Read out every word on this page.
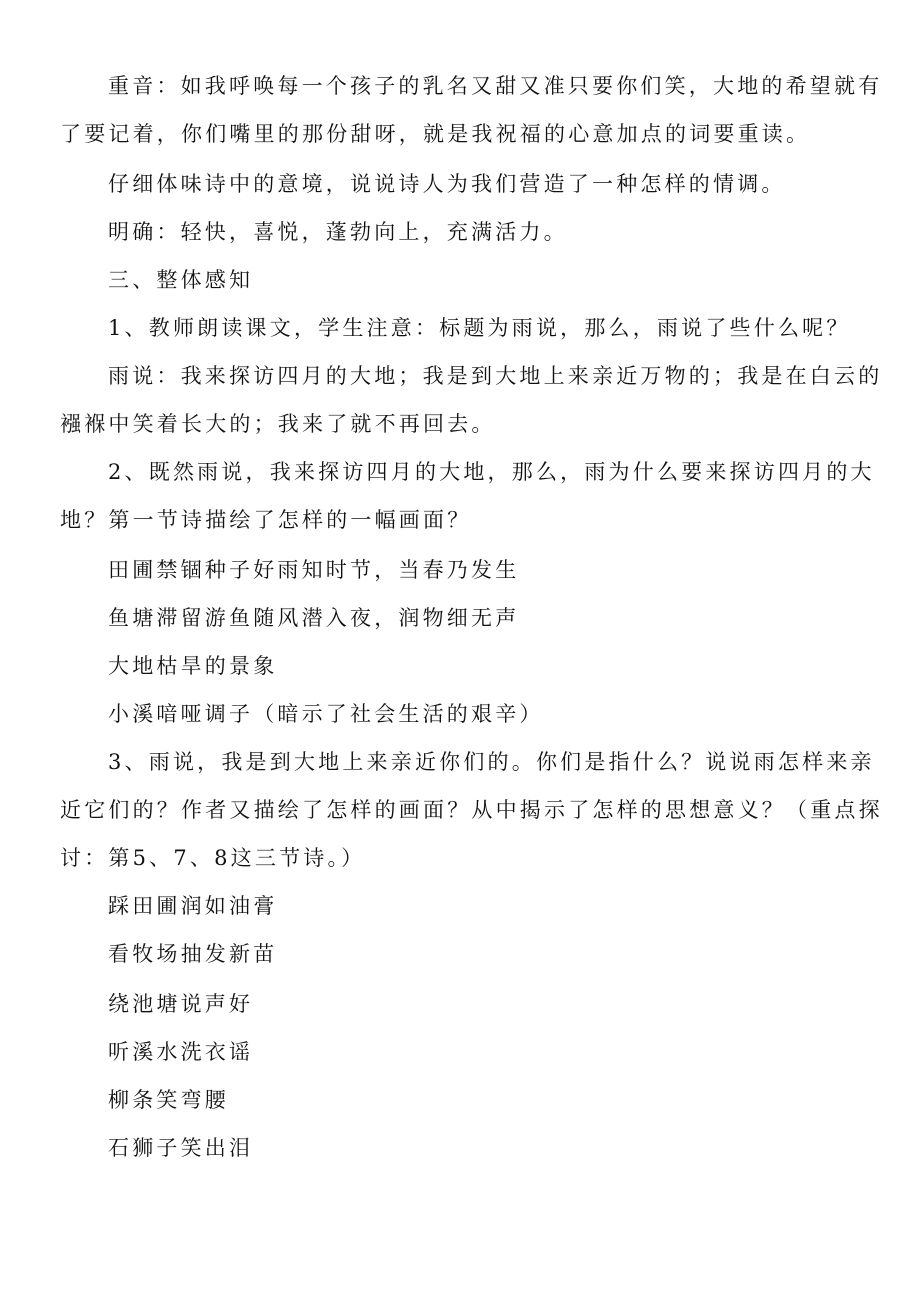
重音：如我呼唤每一个孩子的乳名又甜又准只要你们笑，大地的希望就有
了要记着，你们嘴里的那份甜呀，就是我祝福的心意加点的词要重读。
仔细体味诗中的意境，说说诗人为我们营造了一种怎样的情调。
明确：轻快，喜悦，蓬勃向上，充满活力。
三、整体感知
1、教师朗读课文，学生注意：标题为雨说，那么，雨说了些什么呢？
雨说：我来探访四月的大地；我是到大地上来亲近万物的；我是在白云的
襁褓中笑着长大的；我来了就不再回去。
2、既然雨说，我来探访四月的大地，那么，雨为什么要来探访四月的大
地？第一节诗描绘了怎样的一幅画面？
田圃禁锢种子好雨知时节，当春乃发生
鱼塘滞留游鱼随风潜入夜，润物细无声
大地枯旱的景象
小溪喑哑调子（暗示了社会生活的艰辛）
3、雨说，我是到大地上来亲近你们的。你们是指什么？说说雨怎样来亲
近它们的？作者又描绘了怎样的画面？从中揭示了怎样的思想意义？（重点探
讨：第5、7、8这三节诗。）
踩田圃润如油膏
看牧场抽发新苗
绕池塘说声好
听溪水洗衣谣
柳条笑弯腰
石狮子笑出泪
